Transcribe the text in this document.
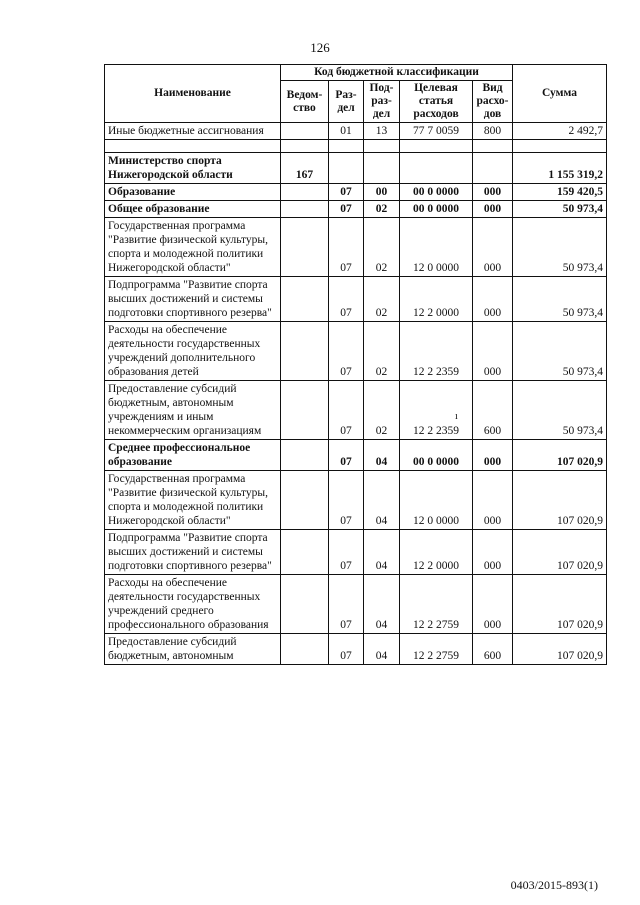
126
Наименование	Код бюджетной классификации					Сумма
	Ведом-ство	Раз-дел	Под-раз-дел	Целевая статья расходов	Вид расхо-дов	
Иные бюджетные ассигнования		01	13	77 7 0059	800	2 492,7

Министерство спорта Нижегородской области	167					1 155 319,2
Образование		07	00	00 0 0000	000	159 420,5
Общее образование		07	02	00 0 0000	000	50 973,4
Государственная программа "Развитие физической культуры, спорта и молодежной политики Нижегородской области"		07	02	12 0 0000	000	50 973,4
Подпрограмма "Развитие спорта высших достижений и системы подготовки спортивного резерва"		07	02	12 2 0000	000	50 973,4
Расходы на обеспечение деятельности государственных учреждений дополнительного образования детей		07	02	12 2 2359	000	50 973,4
Предоставление субсидий бюджетным, автономным учреждениям и иным некоммерческим организациям		07	02	12 2 2359	600	50 973,4
Среднее профессиональное образование		07	04	00 0 0000	000	107 020,9
Государственная программа "Развитие физической культуры, спорта и молодежной политики Нижегородской области"		07	04	12 0 0000	000	107 020,9
Подпрограмма "Развитие спорта высших достижений и системы подготовки спортивного резерва"		07	04	12 2 0000	000	107 020,9
Расходы на обеспечение деятельности государственных учреждений среднего профессионального образования		07	04	12 2 2759	000	107 020,9
Предоставление субсидий бюджетным, автономным		07	04	12 2 2759	600	107 020,9
ı
0403/2015-893(1)
